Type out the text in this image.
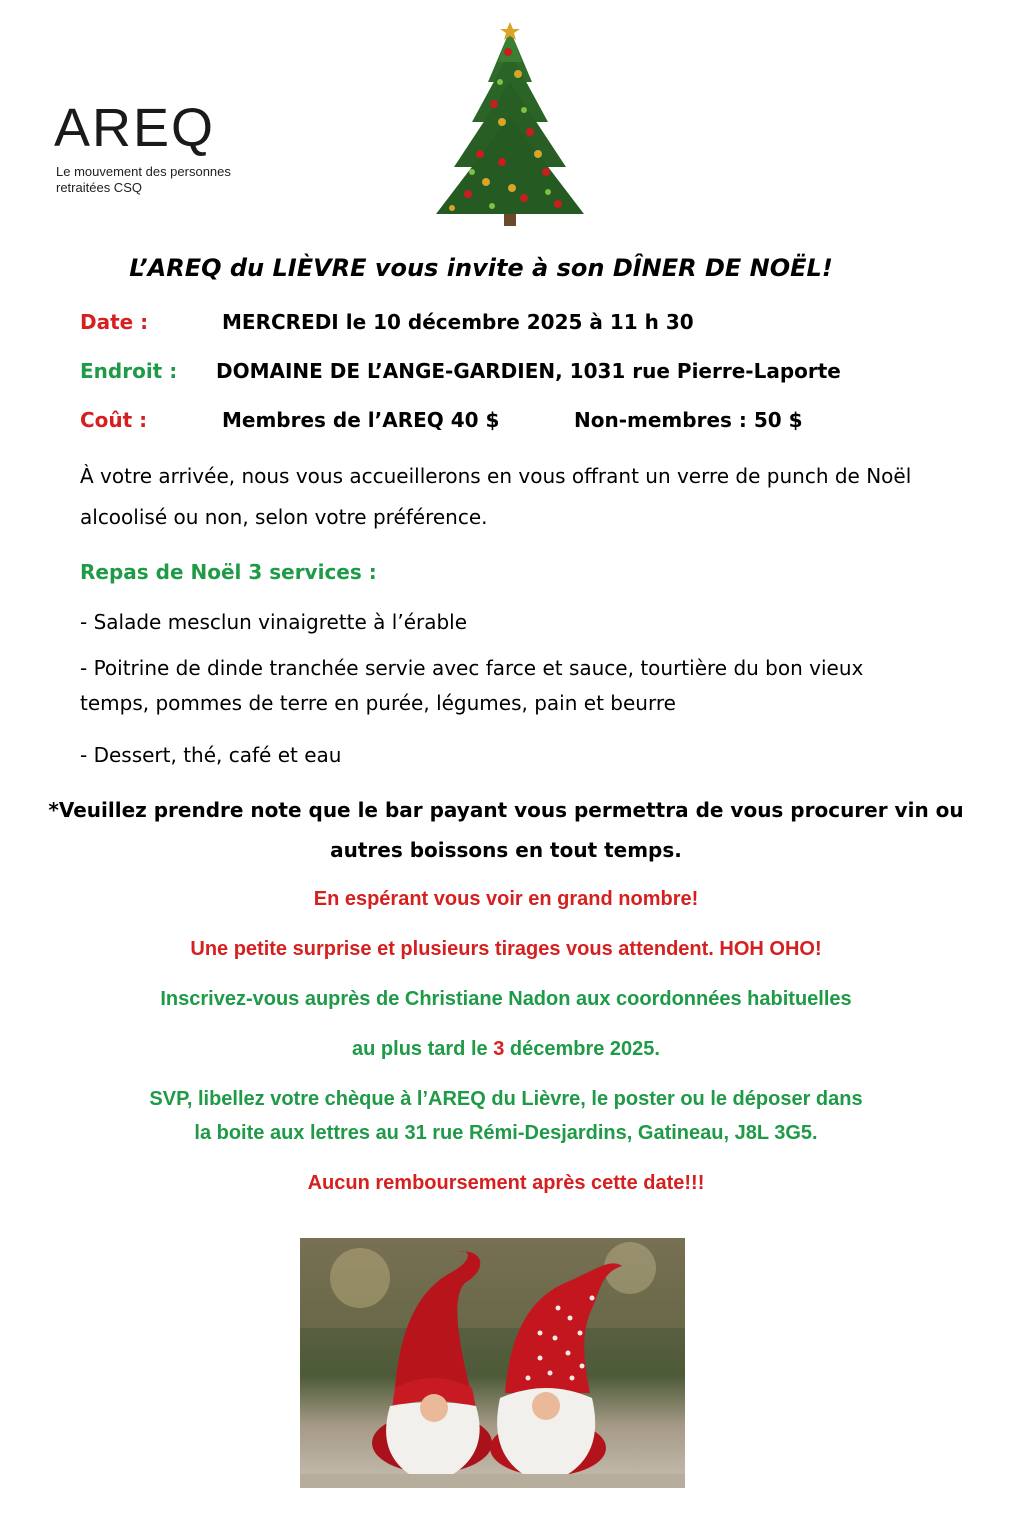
AREQ
Le mouvement des personnes
retraitées CSQ
L’AREQ du LIÈVRE vous invite à son DÎNER DE NOËL!
Date :	MERCREDI le 10 décembre 2025 à 11 h 30
Endroit : DOMAINE DE L’ANGE-GARDIEN, 1031 rue Pierre-Laporte
Coût :	Membres de l’AREQ 40 $	Non-membres : 50 $
À votre arrivée, nous vous accueillerons en vous offrant un verre de punch de Noël
alcoolisé ou non, selon votre préférence.
Repas de Noël 3 services :
- Salade mesclun vinaigrette à l’érable
- Poitrine de dinde tranchée servie avec farce et sauce, tourtière du bon vieux
temps, pommes de terre en purée, légumes, pain et beurre
- Dessert, thé, café et eau
*Veuillez prendre note que le bar payant vous permettra de vous procurer vin ou
autres boissons en tout temps.
En espérant vous voir en grand nombre!
Une petite surprise et plusieurs tirages vous attendent. HOH OHO!
Inscrivez-vous auprès de Christiane Nadon aux coordonnées habituelles
au plus tard le 3 décembre 2025.
SVP, libellez votre chèque à l’AREQ du Lièvre, le poster ou le déposer dans
la boite aux lettres au 31 rue Rémi-Desjardins, Gatineau, J8L 3G5.
Aucun remboursement après cette date!!!
